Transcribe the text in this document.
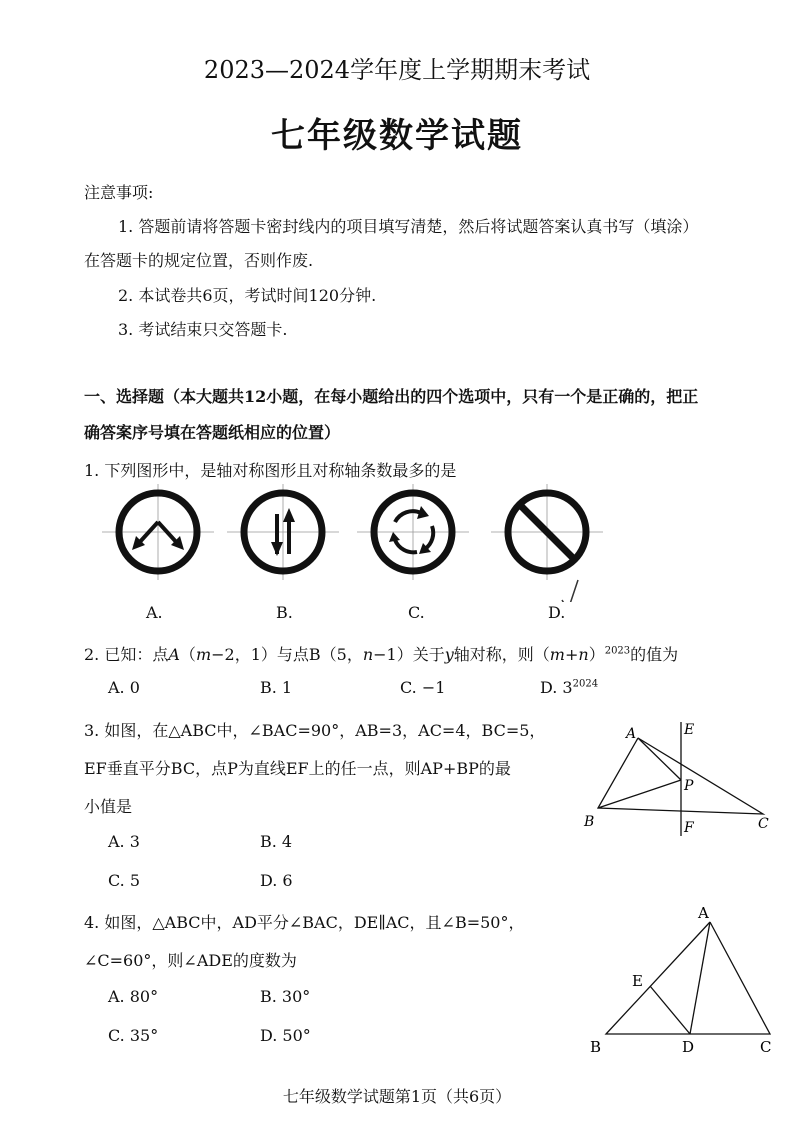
2023—2024学年度上学期期末考试
七年级数学试题
注意事项:
1. 答题前请将答题卡密封线内的项目填写清楚，然后将试题答案认真书写（填涂）
在答题卡的规定位置，否则作废.
2. 本试卷共6页，考试时间120分钟.
3. 考试结束只交答题卡.
一、选择题（本大题共12小题，在每小题给出的四个选项中，只有一个是正确的，把正
确答案序号填在答题纸相应的位置）
1. 下列图形中，是轴对称图形且对称轴条数最多的是
A.	B.	C.	D.
2. 已知：点A（m−2，1）与点B（5，n−1）关于y轴对称，则$(m+n)^{2023}$的值为
A. 0	B. 1	C. −1	D. $3^{2024}$
3. 如图，在△ABC中，∠BAC=90°，AB=3，AC=4，BC=5，
EF垂直平分BC，点P为直线EF上的任一点，则AP+BP的最
小值是
A. 3	B. 4
C. 5	D. 6
A	E
P
B	F	C
4. 如图，△ABC中，AD平分∠BAC，DE∥AC，且∠B=50°，
∠C=60°，则∠ADE的度数为
A. 80°	B. 30°
C. 35°	D. 50°
A
E
B	D	C
七年级数学试题第1页（共6页）
